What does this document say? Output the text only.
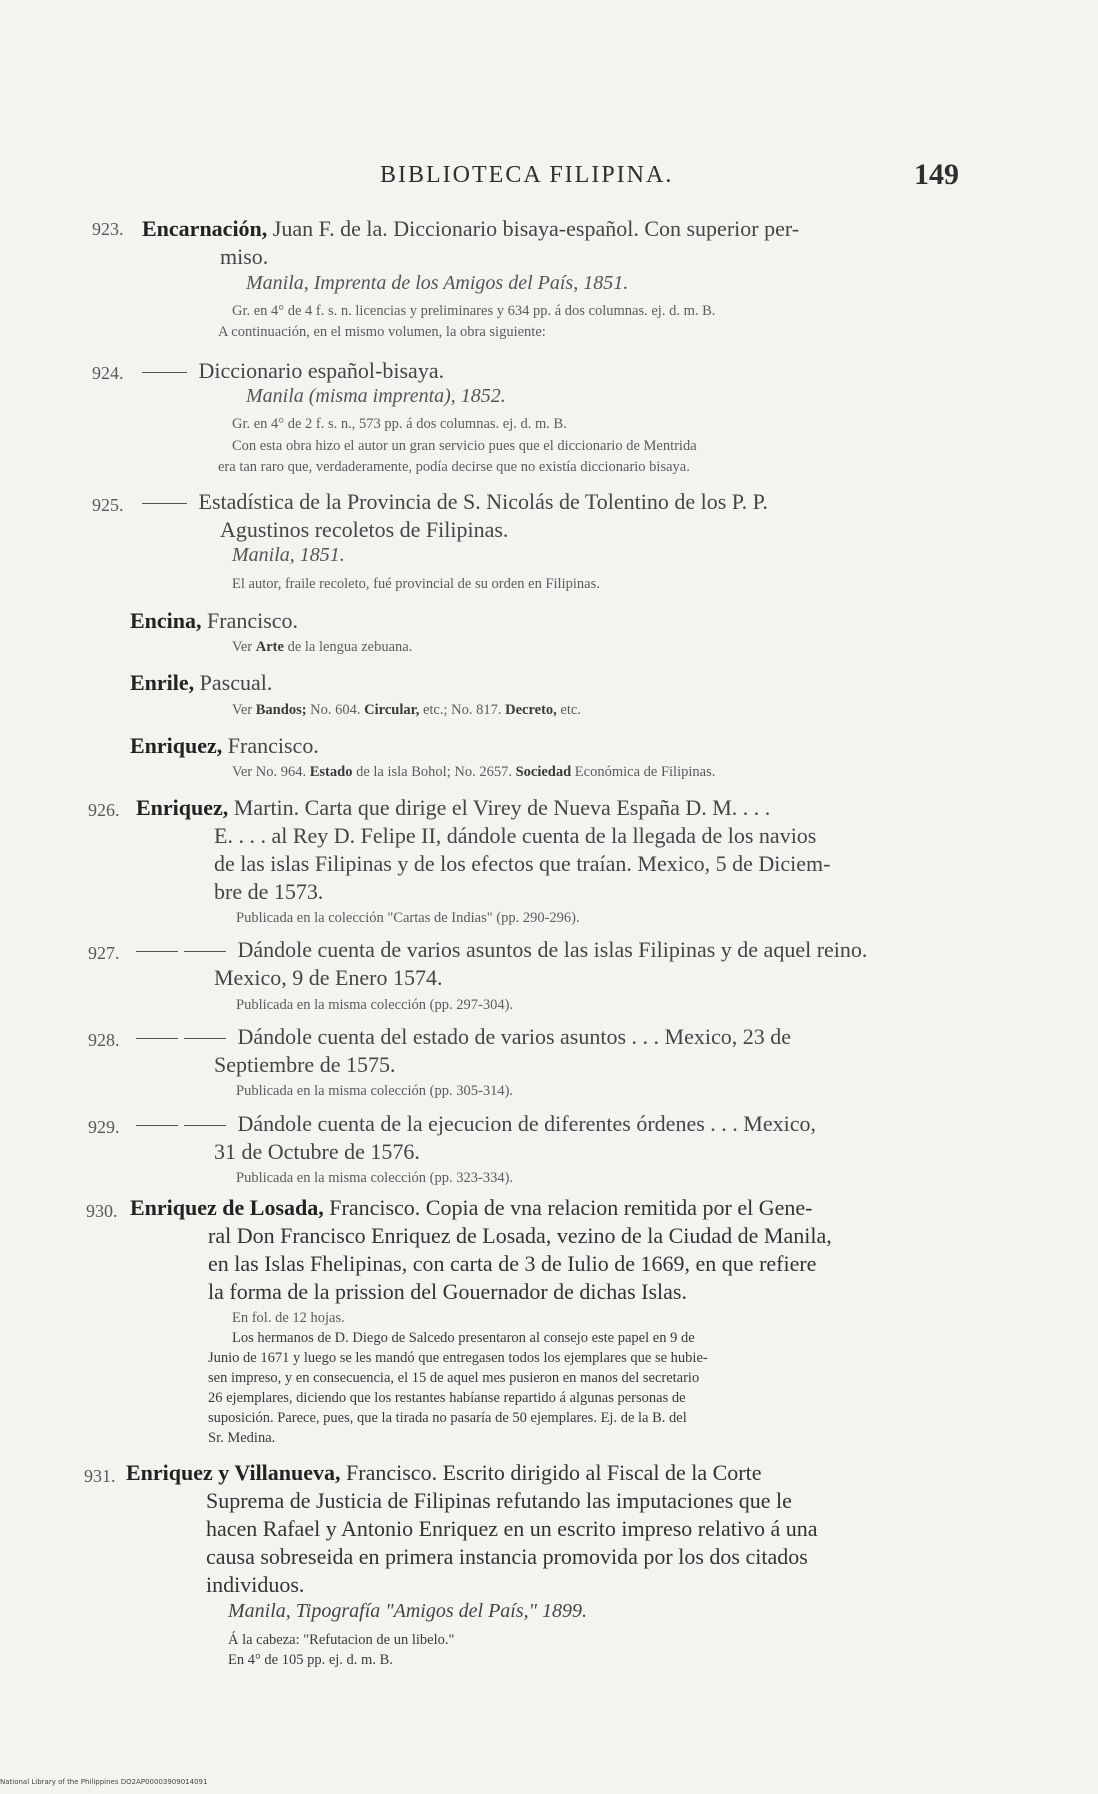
BIBLIOTECA FILIPINA.	149
923. Encarnación, Juan F. de la. Diccionario bisaya-español. Con superior per-
miso.
Manila, Imprenta de los Amigos del País, 1851.
Gr. en 4° de 4 f. s. n. licencias y preliminares y 634 pp. á dos columnas. ej. d. m. B.
A continuación, en el mismo volumen, la obra siguiente:
924.	Diccionario español-bisaya.
Manila (misma imprenta), 1852.
Gr. en 4° de 2 f. s. n., 573 pp. á dos columnas. ej. d. m. B.
Con esta obra hizo el autor un gran servicio pues que el diccionario de Mentrida
era tan raro que, verdaderamente, podía decirse que no existía diccionario bisaya.
925.	Estadística de la Provincia de S. Nicolás de Tolentino de los P. P.
Agustinos recoletos de Filipinas.
Manila, 1851.
El autor, fraile recoleto, fué provincial de su orden en Filipinas.
Encina, Francisco.
Ver Arte de la lengua zebuana.
Enrile, Pascual.
Ver Bandos; No. 604. Circular, etc.; No. 817. Decreto, etc.
Enriquez, Francisco.
Ver No. 964. Estado de la isla Bohol; No. 2657. Sociedad Económica de Filipinas.
926. Enriquez, Martin. Carta que dirige el Virey de Nueva España D. M. . . .
E. . . . al Rey D. Felipe II, dándole cuenta de la llegada de los navios
de las islas Filipinas y de los efectos que traían. Mexico, 5 de Diciem-
bre de 1573.
Publicada en la colección "Cartas de Indias" (pp. 290-296).
927.	Dándole cuenta de varios asuntos de las islas Filipinas y de aquel reino.
Mexico, 9 de Enero 1574.
Publicada en la misma colección (pp. 297-304).
928.	Dándole cuenta del estado de varios asuntos . . . Mexico, 23 de
Septiembre de 1575.
Publicada en la misma colección (pp. 305-314).
929.	Dándole cuenta de la ejecucion de diferentes órdenes . . . Mexico,
31 de Octubre de 1576.
Publicada en la misma colección (pp. 323-334).
930. Enriquez de Losada, Francisco. Copia de vna relacion remitida por el Gene-
ral Don Francisco Enriquez de Losada, vezino de la Ciudad de Manila,
en las Islas Fhelipinas, con carta de 3 de Iulio de 1669, en que refiere
la forma de la prission del Gouernador de dichas Islas.
En fol. de 12 hojas.
Los hermanos de D. Diego de Salcedo presentaron al consejo este papel en 9 de
Junio de 1671 y luego se les mandó que entregasen todos los ejemplares que se hubie-
sen impreso, y en consecuencia, el 15 de aquel mes pusieron en manos del secretario
26 ejemplares, diciendo que los restantes habíanse repartido á algunas personas de
suposición. Parece, pues, que la tirada no pasaría de 50 ejemplares. Ej. de la B. del
Sr. Medina.
931. Enriquez y Villanueva, Francisco. Escrito dirigido al Fiscal de la Corte
Suprema de Justicia de Filipinas refutando las imputaciones que le
hacen Rafael y Antonio Enriquez en un escrito impreso relativo á una
causa sobreseida en primera instancia promovida por los dos citados
individuos.
Manila, Tipografía "Amigos del País," 1899.
Á la cabeza: "Refutacion de un libelo."
En 4° de 105 pp. ej. d. m. B.
National Library of the Philippines DO2AP00003909014091
